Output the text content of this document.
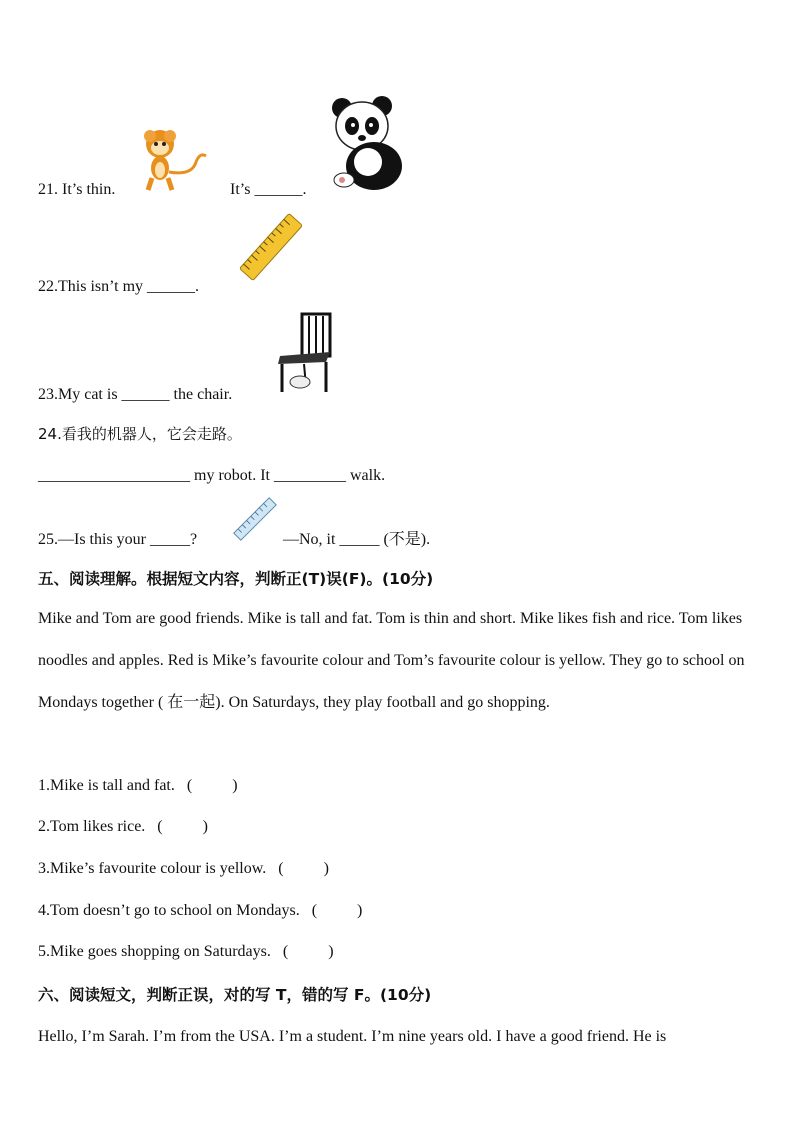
21. It’s thin.	It’s ______.
22.This isn’t my ______.
23.My cat is ______ the chair.
24.看我的机器人，它会走路。
___________________ my robot. It _________ walk.
25.—Is this your _____?	—No, it _____ (不是).
五、阅读理解。根据短文内容，判断正(T)误(F)。(10分)
Mike and Tom are good friends. Mike is tall and fat. Tom is thin and short. Mike likes fish and rice. Tom likes noodles and apples. Red is Mike’s favourite colour and Tom’s favourite colour is yellow. They go to school on Mondays together ( 在一起). On Saturdays, they play football and go shopping.
1.Mike is tall and fat.   (          )
2.Tom likes rice.   (          )
3.Mike’s favourite colour is yellow.   (          )
4.Tom doesn’t go to school on Mondays.   (          )
5.Mike goes shopping on Saturdays.   (          )
六、阅读短文，判断正误，对的写 T，错的写 F。(10分)
Hello, I’m Sarah. I’m from the USA. I’m a student. I’m nine years old. I have a good friend. He is
